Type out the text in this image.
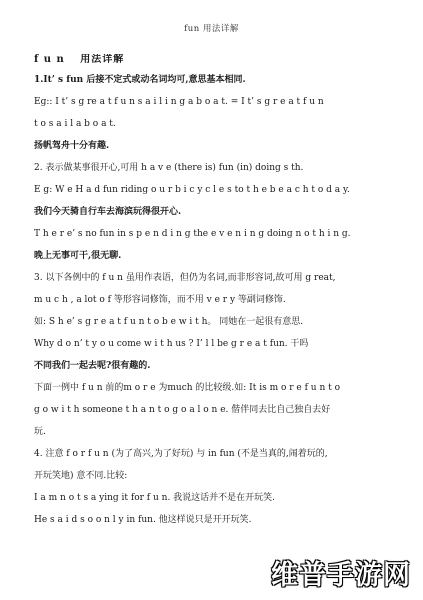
fun 用法详解

f u n　 用法详解

1.It’ s fun 后接不定式或动名词均可,意思基本相同.

Eg:: I t’ s g re a t f u n s a i l i n g a b o a t. = I t’ s g r e a t f u n

t o s a i l a b o a t.

扬帆驾舟十分有趣.

2. 表示做某事很开心,可用 h a v e (there is) fun (in) doing s th.

E g: W e H a d fun riding o u r b i c y c l e s to t h e b e a c h t o d a y.

我们今天骑自行车去海滨玩得很开心.

T h e r e’ s no fun in s p e n d i n g the e v e n i n g doing n o t h i n g.

晚上无事可干,很无聊.

3. 以下各例中的 f u n 虽用作表语，但仍为名词,而非形容词,故可用 g reat,

m u c h , a lot o f 等形容词修饰，而不用 v e r y 等副词修饰.

如: S h e’ s g r e a t f u n t o b e w i t h。 同她在一起很有意思.

Why d o n’ t y o u come w i t h us ? I’ l l be g r e a t fun. 干吗

不同我们一起去呢?很有趣的.

下面一例中 f u n 前的m o r e 为much 的比较级.如: It is m o r e f u n t o

g o w i t h someone t h a n t o g o a l o n e. 偕伴同去比自己独自去好

玩.

4. 注意 f o r f u n (为了高兴,为了好玩) 与 in fun (不是当真的,闹着玩的,

开玩笑地) 意不同.比较:

I a m n o t s a ying it for f u n. 我说这话并不是在开玩笑.

He s a i d s o o n l y in fun. 他这样说只是开开玩笑.

维普手游网
